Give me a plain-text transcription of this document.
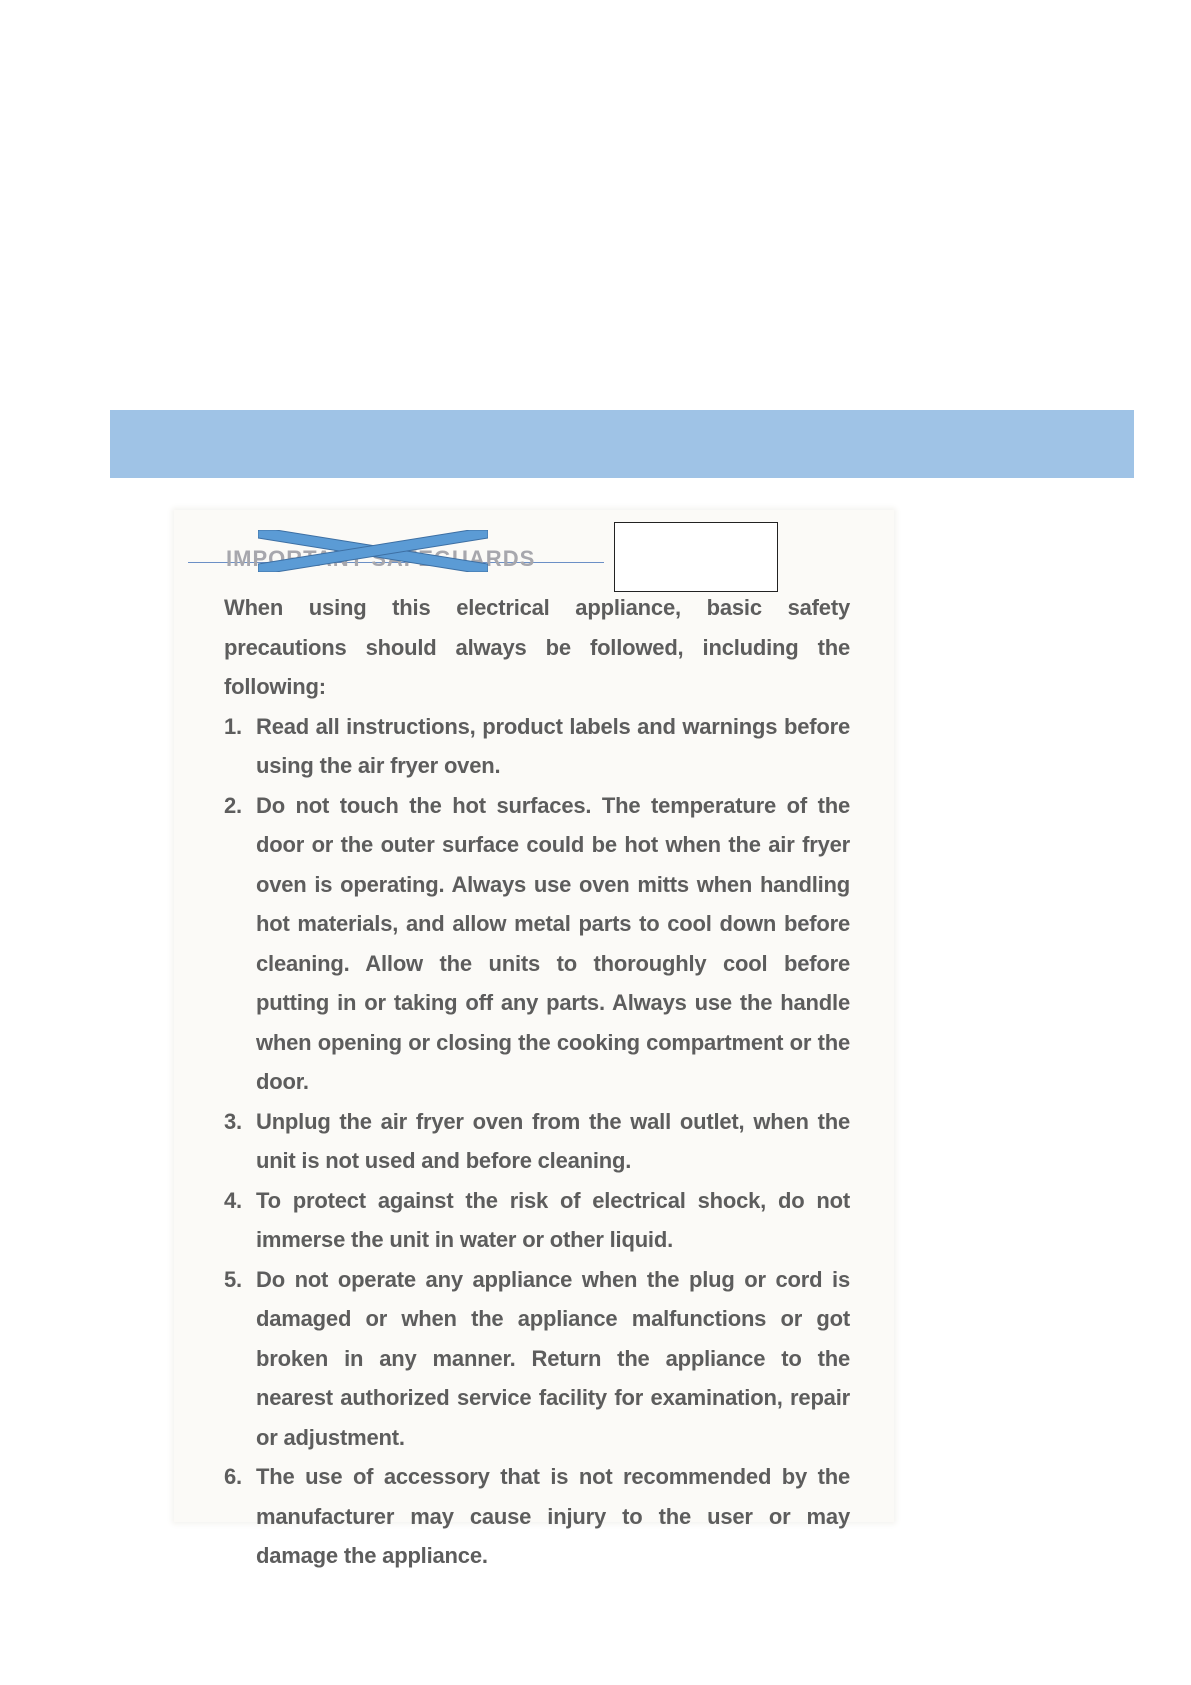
IMPORTANT SAFEGUARDS

When using this electrical appliance, basic safety precautions should always be followed, including the following:

1. Read all instructions, product labels and warnings before using the air fryer oven.
2. Do not touch the hot surfaces. The temperature of the door or the outer surface could be hot when the air fryer oven is operating. Always use oven mitts when handling hot materials, and allow metal parts to cool down before cleaning. Allow the units to thoroughly cool before putting in or taking off any parts. Always use the handle when opening or closing the cooking compartment or the door.
3. Unplug the air fryer oven from the wall outlet, when the unit is not used and before cleaning.
4. To protect against the risk of electrical shock, do not immerse the unit in water or other liquid.
5. Do not operate any appliance when the plug or cord is damaged or when the appliance malfunctions or got broken in any manner. Return the appliance to the nearest authorized service facility for examination, repair or adjustment.
6. The use of accessory that is not recommended by the manufacturer may cause injury to the user or may damage the appliance.
